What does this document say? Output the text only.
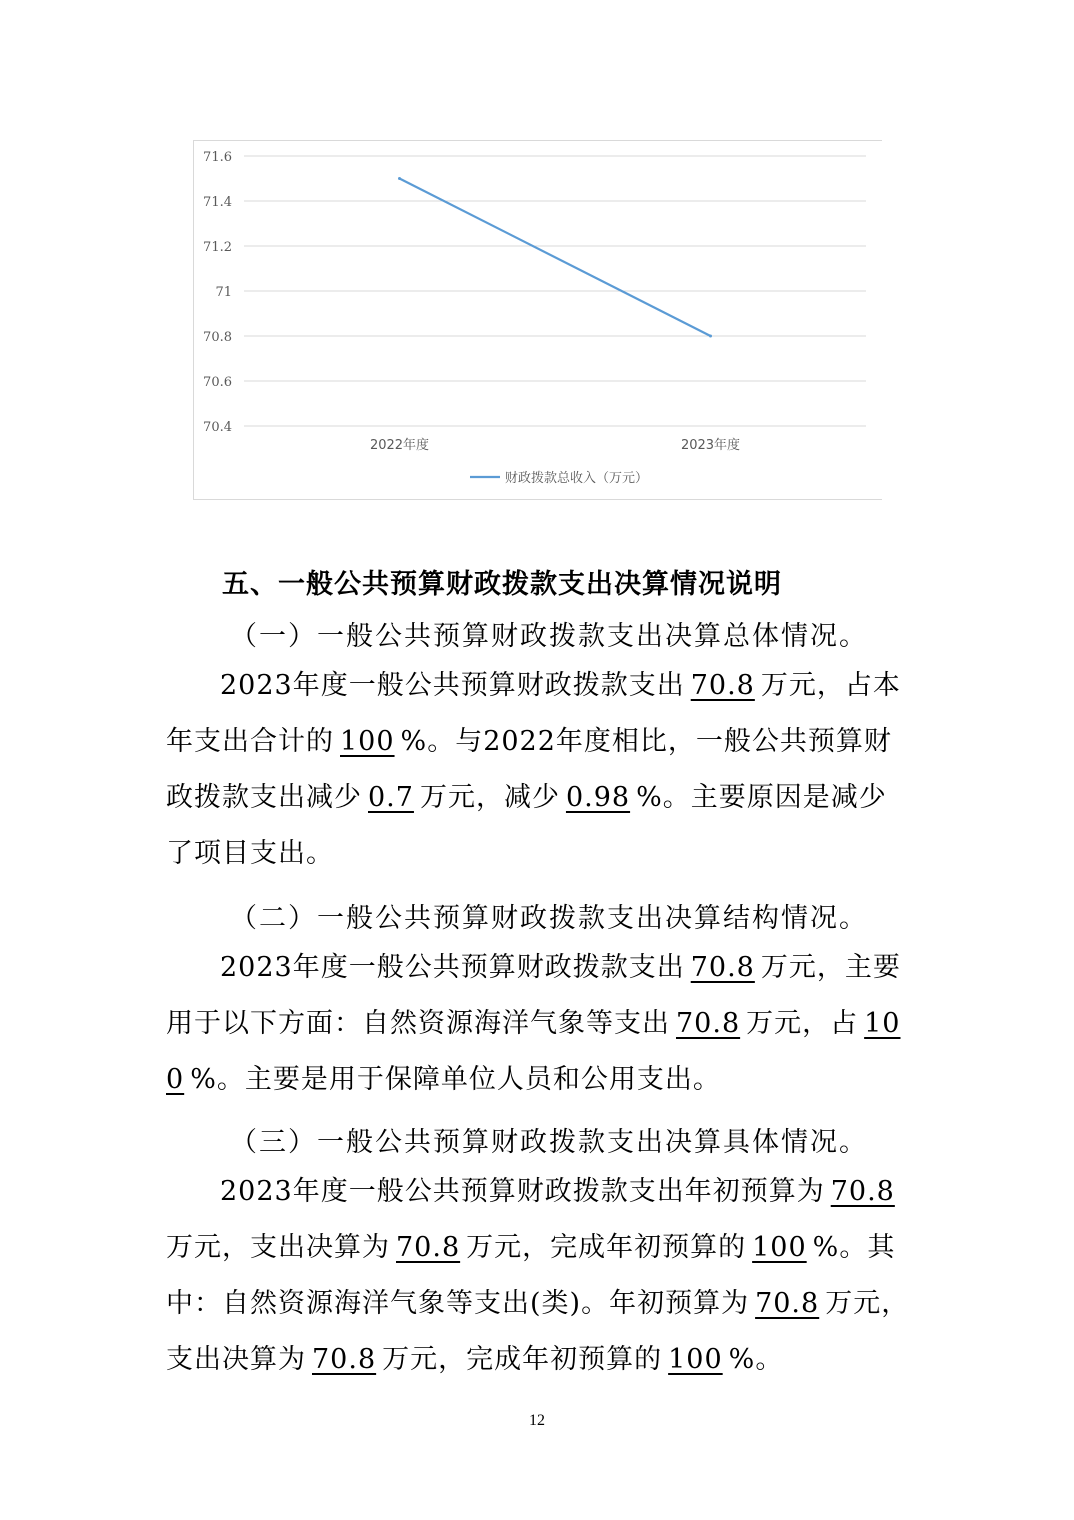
71.6
71.4
71.2
71
70.8
70.6
70.4
2022年度	2023年度
财政拨款总收入（万元）
五、一般公共预算财政拨款支出决算情况说明
（一）一般公共预算财政拨款支出决算总体情况。
2023年度一般公共预算财政拨款支出 70.8 万元，占本年支出合计的 100 %。与2022年度相比，一般公共预算财政拨款支出减少 0.7 万元，减少 0.98 %。主要原因是减少了项目支出。
（二）一般公共预算财政拨款支出决算结构情况。
2023年度一般公共预算财政拨款支出 70.8 万元，主要用于以下方面：自然资源海洋气象等支出 70.8 万元，占 100 %。主要是用于保障单位人员和公用支出。
（三）一般公共预算财政拨款支出决算具体情况。
2023年度一般公共预算财政拨款支出年初预算为 70.8万元，支出决算为 70.8 万元，完成年初预算的 100 %。其中：自然资源海洋气象等支出(类)。年初预算为 70.8 万元，支出决算为 70.8 万元，完成年初预算的 100 %。
12
